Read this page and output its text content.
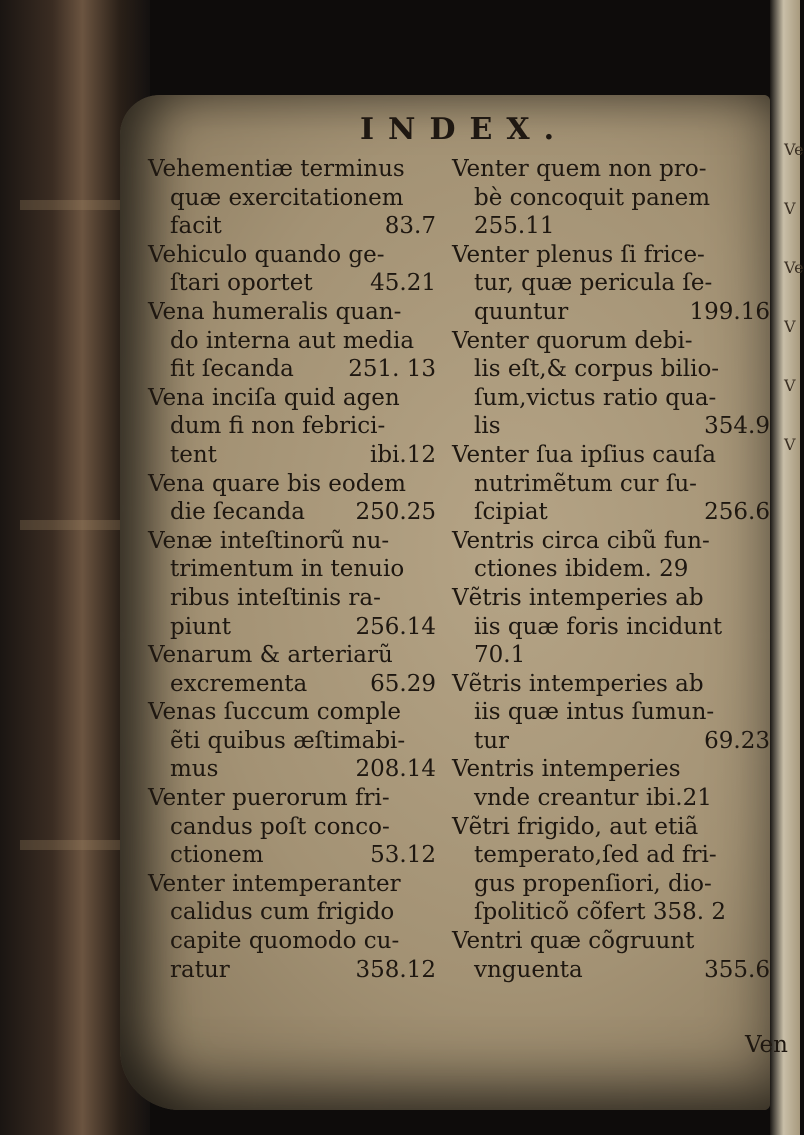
Ve
V
Ve
V
V
V
INDEX.
Vehementiæ terminus
quæ exercitationem
facit	83.7
Vehiculo quando ge-
ſtari oportet	45.21
Vena humeralis quan-
do interna aut media
fit ſecanda 251. 13
Vena inciſa quid agen
dum fi non febrici-
tent	ibi.12
Vena quare bis eodem
die ſecanda 250.25
Venæ inteſtinorũ nu-
trimentum in tenuio
ribus inteſtinis ra-
piunt	256.14
Venarum & arteriarũ
excrementa	65.29
Venas ſuccum comple
ẽti quibus æſtimabi-
mus	208.14
Venter puerorum fri-
candus poſt conco-
ctionem	53.12
Venter intemperanter
calidus cum frigido
capite quomodo cu-
ratur	358.12
Venter quem non pro-
bè concoquit panem
255.11
Venter plenus ſi frice-
tur, quæ pericula ſe-
quuntur	199.16
Venter quorum debi-
lis eſt,& corpus bilio-
ſum,victus ratio qua-
lis	354.9
Venter ſua ipſius cauſa
nutrimẽtum cur ſu-
ſcipiat	256.6
Ventris circa cibũ fun-
ctiones ibidem. 29
Vẽtris intemperies ab
iis quæ foris incidunt
70.1
Vẽtris intemperies ab
iis quæ intus ſumun-
tur	69.23
Ventris intemperies
vnde creantur ibi.21
Vẽtri frigido, aut etiã
temperato,ſed ad fri-
gus propenſiori, dio-
ſpoliticõ cõfert 358. 2
Ventri quæ cõgruunt
vnguenta	355.6
Ven
